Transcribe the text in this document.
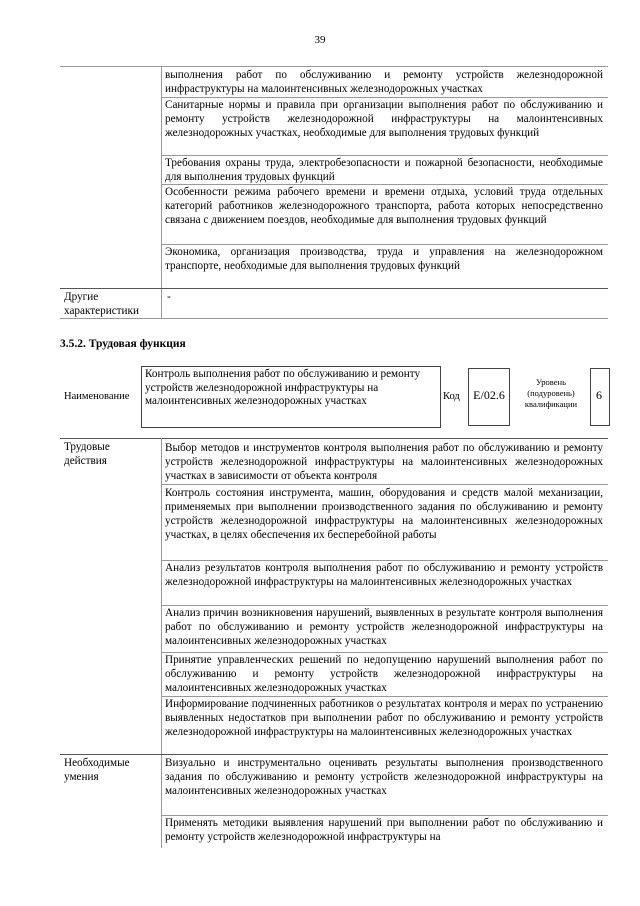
39
выполнения работ по обслуживанию и ремонту устройств железнодорожной инфраструктуры на малоинтенсивных железнодорожных участках
Санитарные нормы и правила при организации выполнения работ по обслуживанию и ремонту устройств железнодорожной инфраструктуры на малоинтенсивных железнодорожных участках, необходимые для выполнения трудовых функций
Требования охраны труда, электробезопасности и пожарной безопасности, необходимые для выполнения трудовых функций
Особенности режима рабочего времени и времени отдыха, условий труда отдельных категорий работников железнодорожного транспорта, работа которых непосредственно связана с движением поездов, необходимые для выполнения трудовых функций
Экономика, организация производства, труда и управления на железнодорожном транспорте, необходимые для выполнения трудовых функций
Другие характеристики
-
3.5.2. Трудовая функция
Наименование
Контроль выполнения работ по обслуживанию и ремонту устройств железнодорожной инфраструктуры на малоинтенсивных железнодорожных участках	Код	E/02.6
Уровень (подуровень) квалификации
6
Трудовые действия
Выбор методов и инструментов контроля выполнения работ по обслуживанию и ремонту устройств железнодорожной инфраструктуры на малоинтенсивных железнодорожных участках в зависимости от объекта контроля
Контроль состояния инструмента, машин, оборудования и средств малой механизации, применяемых при выполнении производственного задания по обслуживанию и ремонту устройств железнодорожной инфраструктуры на малоинтенсивных железнодорожных участках, в целях обеспечения их бесперебойной работы
Анализ результатов контроля выполнения работ по обслуживанию и ремонту устройств железнодорожной инфраструктуры на малоинтенсивных железнодорожных участках
Анализ причин возникновения нарушений, выявленных в результате контроля выполнения работ по обслуживанию и ремонту устройств железнодорожной инфраструктуры на малоинтенсивных железнодорожных участках
Принятие управленческих решений по недопущению нарушений выполнения работ по обслуживанию и ремонту устройств железнодорожной инфраструктуры на малоинтенсивных железнодорожных участках
Информирование подчиненных работников о результатах контроля и мерах по устранению выявленных недостатков при выполнении работ по обслуживанию и ремонту устройств железнодорожной инфраструктуры на малоинтенсивных железнодорожных участках
Необходимые умения
Визуально и инструментально оценивать результаты выполнения производственного задания по обслуживанию и ремонту устройств железнодорожной инфраструктуры на малоинтенсивных железнодорожных участках
Применять методики выявления нарушений при выполнении работ по обслуживанию и ремонту устройств железнодорожной инфраструктуры на
